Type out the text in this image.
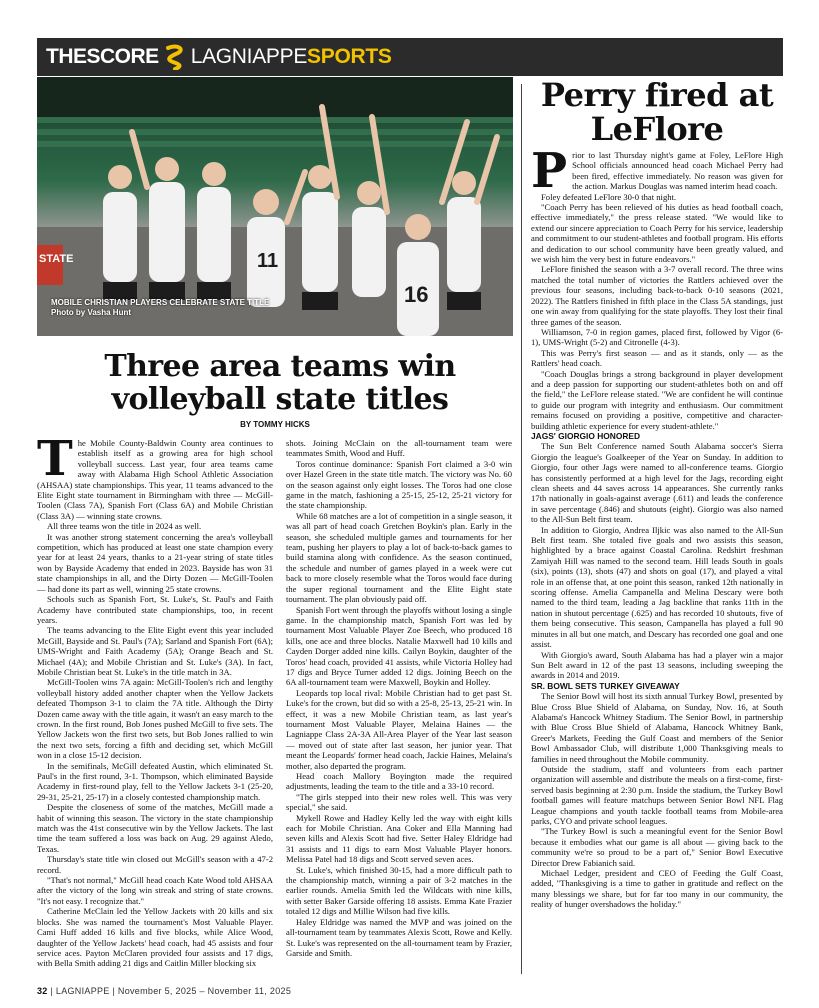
THESCORE LAGNIAPPE SPORTS
STATE	11
16
MOBILE CHRISTIAN PLAYERS CELEBRATE STATE TITLE
Photo by Vasha Hunt
Three area teams win volleyball state titles
BY TOMMY HICKS

The Mobile County-Baldwin County area continues to establish itself as a growing area for high school volleyball success. Last year, four area teams came away with Alabama High School Athletic Association (AHSAA) state championships. This year, 11 teams advanced to the Elite Eight state tournament in Birmingham with three — McGill-Toolen (Class 7A), Spanish Fort (Class 6A) and Mobile Christian (Class 3A) — winning state crowns.

All three teams won the title in 2024 as well.

It was another strong statement concerning the area's volleyball competition, which has produced at least one state champion every year for at least 24 years, thanks to a 21-year string of state titles won by Bayside Academy that ended in 2023. Bayside has won 31 state championships in all, and the Dirty Dozen — McGill-Toolen — had done its part as well, winning 25 state crowns.

Schools such as Spanish Fort, St. Luke's, St. Paul's and Faith Academy have contributed state championships, too, in recent years.

The teams advancing to the Elite Eight event this year included McGill, Bayside and St. Paul's (7A); Sarland and Spanish Fort (6A); UMS-Wright and Faith Academy (5A); Orange Beach and St. Michael (4A); and Mobile Christian and St. Luke's (3A). In fact, Mobile Christian beat St. Luke's in the title match in 3A.

McGill-Toolen wins 7A again: McGill-Toolen's rich and lengthy volleyball history added another chapter when the Yellow Jackets defeated Thompson 3-1 to claim the 7A title. Although the Dirty Dozen came away with the title again, it wasn't an easy march to the crown. In the first round, Bob Jones pushed McGill to five sets. The Yellow Jackets won the first two sets, but Bob Jones rallied to win the next two sets, forcing a fifth and deciding set, which McGill won in a close 15-12 decision.

In the semifinals, McGill defeated Austin, which eliminated St. Paul's in the first round, 3-1. Thompson, which eliminated Bayside Academy in first-round play, fell to the Yellow Jackets 3-1 (25-20, 29-31, 25-21, 25-17) in a closely contested championship match.

Despite the closeness of some of the matches, McGill made a habit of winning this season. The victory in the state championship match was the 41st consecutive win by the Yellow Jackets. The last time the team suffered a loss was back on Aug. 29 against Aledo, Texas.

Thursday's state title win closed out McGill's season with a 47-2 record.

"That's not normal," McGill head coach Kate Wood told AHSAA after the victory of the long win streak and string of state crowns. "It's not easy. I recognize that."

Catherine McClain led the Yellow Jackets with 20 kills and six blocks. She was named the tournament's Most Valuable Player. Cami Huff added 16 kills and five blocks, while Alice Wood, daughter of the Yellow Jackets' head coach, had 45 assists and four service aces. Payton McClaren provided four assists and 17 digs, with Bella Smith adding 21 digs and Caitlin Miller blocking six

shots. Joining McClain on the all-tournament team were teammates Smith, Wood and Huff.

Toros continue dominance: Spanish Fort claimed a 3-0 win over Hazel Green in the state title match. The victory was No. 60 on the season against only eight losses. The Toros had one close game in the match, fashioning a 25-15, 25-12, 25-21 victory for the state championship.

While 68 matches are a lot of competition in a single season, it was all part of head coach Gretchen Boykin's plan. Early in the season, she scheduled multiple games and tournaments for her team, pushing her players to play a lot of back-to-back games to build stamina along with confidence. As the season continued, the schedule and number of games played in a week were cut back to more closely resemble what the Toros would face during the super regional tournament and the Elite Eight state tournament. The plan obviously paid off.

Spanish Fort went through the playoffs without losing a single game. In the championship match, Spanish Fort was led by tournament Most Valuable Player Zoe Beech, who produced 18 kills, one ace and three blocks. Natalie Maxwell had 10 kills and Cayden Dorger added nine kills. Cailyn Boykin, daughter of the Toros' head coach, provided 41 assists, while Victoria Holley had 17 digs and Bryce Turner added 12 digs. Joining Beech on the 6A all-tournament team were Maxwell, Boykin and Holley.

Leopards top local rival: Mobile Christian had to get past St. Luke's for the crown, but did so with a 25-8, 25-13, 25-21 win. In effect, it was a new Mobile Christian team, as last year's tournament Most Valuable Player, Melaina Haines — the Lagniappe Class 2A-3A All-Area Player of the Year last season — moved out of state after last season, her junior year. That meant the Leopards' former head coach, Jackie Haines, Melaina's mother, also departed the program.

Head coach Mallory Boyington made the required adjustments, leading the team to the title and a 33-10 record.

"The girls stepped into their new roles well. This was very special," she said.

Mykell Rowe and Hadley Kelly led the way with eight kills each for Mobile Christian. Ana Coker and Ella Manning had seven kills and Alexis Scott had five. Setter Haley Eldridge had 31 assists and 11 digs to earn Most Valuable Player honors. Melissa Patel had 18 digs and Scott served seven aces.

St. Luke's, which finished 30-15, had a more difficult path to the championship match, winning a pair of 3-2 matches in the earlier rounds. Amelia Smith led the Wildcats with nine kills, with setter Baker Garside offering 18 assists. Emma Kate Frazier totaled 12 digs and Millie Wilson had five kills.

Haley Eldridge was named the MVP and was joined on the all-tournament team by teammates Alexis Scott, Rowe and Kelly. St. Luke's was represented on the all-tournament team by Frazier, Garside and Smith.

Perry fired at LeFlore

Prior to last Thursday night's game at Foley, LeFlore High School officials announced head coach Michael Perry had been fired, effective immediately. No reason was given for the action. Markus Douglas was named interim head coach.

Foley defeated LeFlore 30-0 that night.

"Coach Perry has been relieved of his duties as head football coach, effective immediately," the press release stated. "We would like to extend our sincere appreciation to Coach Perry for his service, leadership and commitment to our student-athletes and football program. His efforts and dedication to our school community have been greatly valued, and we wish him the very best in future endeavors."

LeFlore finished the season with a 3-7 overall record. The three wins matched the total number of victories the Rattlers achieved over the previous four seasons, including back-to-back 0-10 seasons (2021, 2022). The Rattlers finished in fifth place in the Class 5A standings, just one win away from qualifying for the state playoffs. They lost their final three games of the season.

Williamson, 7-0 in region games, placed first, followed by Vigor (6-1), UMS-Wright (5-2) and Citronelle (4-3).

This was Perry's first season — and as it stands, only — as the Rattlers' head coach.

"Coach Douglas brings a strong background in player development and a deep passion for supporting our student-athletes both on and off the field," the LeFlore release stated. "We are confident he will continue to guide our program with integrity and enthusiasm. Our commitment remains focused on providing a positive, competitive and character-building athletic experience for every student-athlete."

JAGS' GIORGIO HONORED

The Sun Belt Conference named South Alabama soccer's Sierra Giorgio the league's Goalkeeper of the Year on Sunday. In addition to Giorgio, four other Jags were named to all-conference teams. Giorgio has consistently performed at a high level for the Jags, recording eight clean sheets and 44 saves across 14 appearances. She currently ranks 17th nationally in goals-against average (.611) and leads the conference in save percentage (.846) and shutouts (eight). Giorgio was also named to the All-Sun Belt first team.

In addition to Giorgio, Andrea Iljkic was also named to the All-Sun Belt first team. She totaled five goals and two assists this season, highlighted by a brace against Coastal Carolina. Redshirt freshman Zamiyah Hill was named to the second team. Hill leads South in goals (six), points (13), shots (47) and shots on goal (17), and played a vital role in an offense that, at one point this season, ranked 12th nationally in scoring offense. Amelia Campanella and Melina Descary were both named to the third team, leading a Jag backline that ranks 11th in the nation in shutout percentage (.625) and has recorded 10 shutouts, five of them being consecutive. This season, Campanella has played a full 90 minutes in all but one match, and Descary has recorded one goal and one assist.

With Giorgio's award, South Alabama has had a player win a major Sun Belt award in 12 of the past 13 seasons, including sweeping the awards in 2014 and 2019.

SR. BOWL SETS TURKEY GIVEAWAY

The Senior Bowl will host its sixth annual Turkey Bowl, presented by Blue Cross Blue Shield of Alabama, on Sunday, Nov. 16, at South Alabama's Hancock Whitney Stadium. The Senior Bowl, in partnership with Blue Cross Blue Shield of Alabama, Hancock Whitney Bank, Greer's Markets, Feeding the Gulf Coast and members of the Senior Bowl Ambassador Club, will distribute 1,000 Thanksgiving meals to families in need throughout the Mobile community.

Outside the stadium, staff and volunteers from each partner organization will assemble and distribute the meals on a first-come, first-served basis beginning at 2:30 p.m. Inside the stadium, the Turkey Bowl football games will feature matchups between Senior Bowl NFL Flag League champions and youth tackle football teams from Mobile-area parks, CYO and private school leagues.

"The Turkey Bowl is such a meaningful event for the Senior Bowl because it embodies what our game is all about — giving back to the community we're so proud to be a part of," Senior Bowl Executive Director Drew Fabianich said.

Michael Ledger, president and CEO of Feeding the Gulf Coast, added, "Thanksgiving is a time to gather in gratitude and reflect on the many blessings we share, but for far too many in our community, the reality of hunger overshadows the holiday."

32 | LAGNIAPPE | November 5, 2025 – November 11, 2025
